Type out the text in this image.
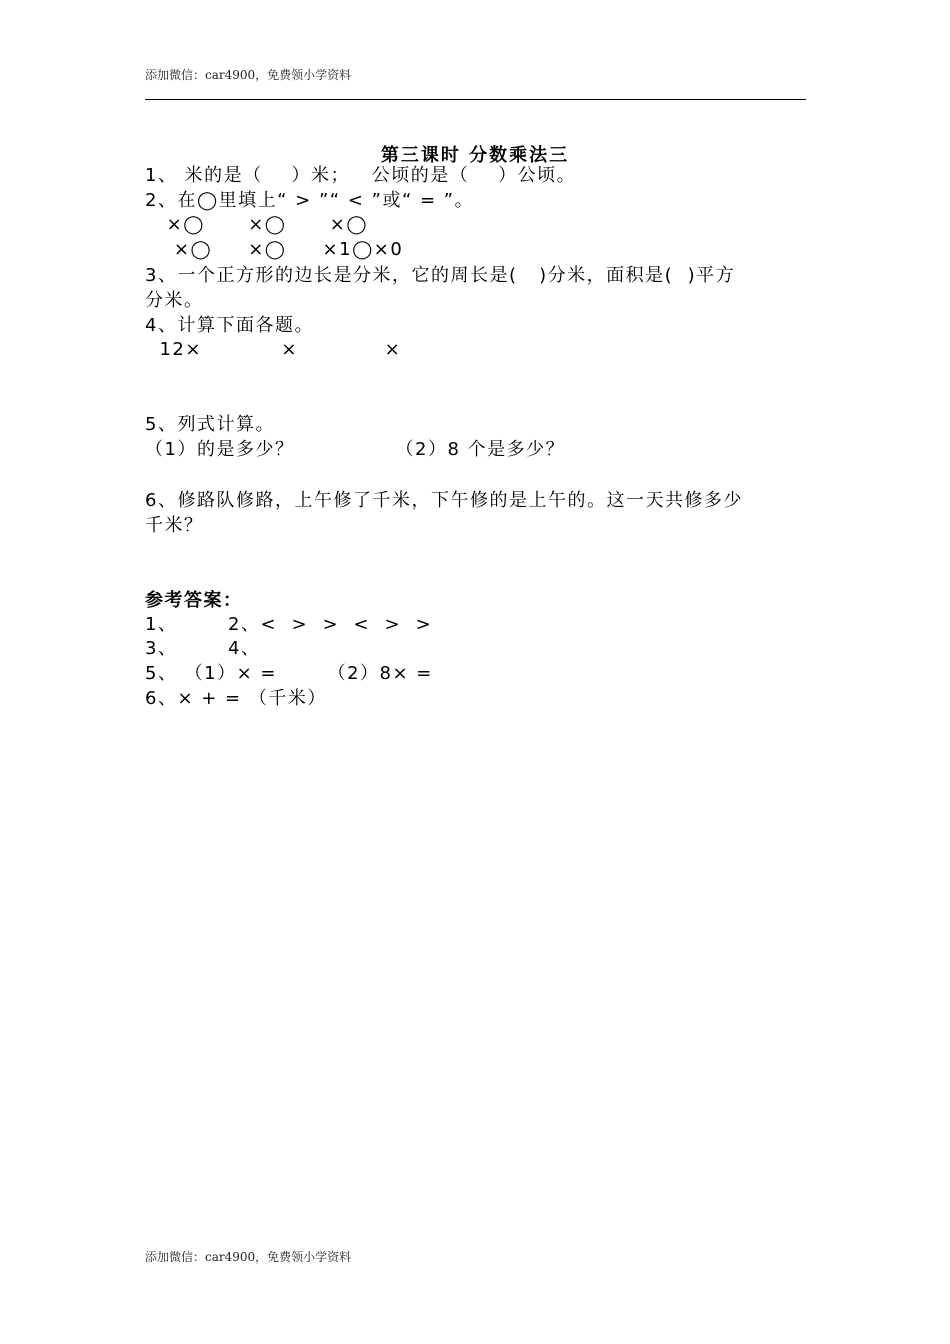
添加微信：car4900，免费领小学资料
第三课时 分数乘法三
1、 米的是（    ）米；   公顷的是（    ）公顷。
2、在◯里填上“ > ”“ < ”或“ = ”。
×◯      ×◯      ×◯
×◯     ×◯     ×1◯×0
3、一个正方形的边长是分米，它的周长是(   )分米，面积是(  )平方
分米。
4、计算下面各题。
12×           ×            ×
5、列式计算。
（1）的是多少？              （2）8 个是多少？
6、修路队修路，上午修了千米，下午修的是上午的。这一天共修多少
千米？
参考答案：
1、       2、<  >  >  <  >  >
3、       4、
5、 （1）× =       （2）8× =
6、× + = （千米）
添加微信：car4900，免费领小学资料
